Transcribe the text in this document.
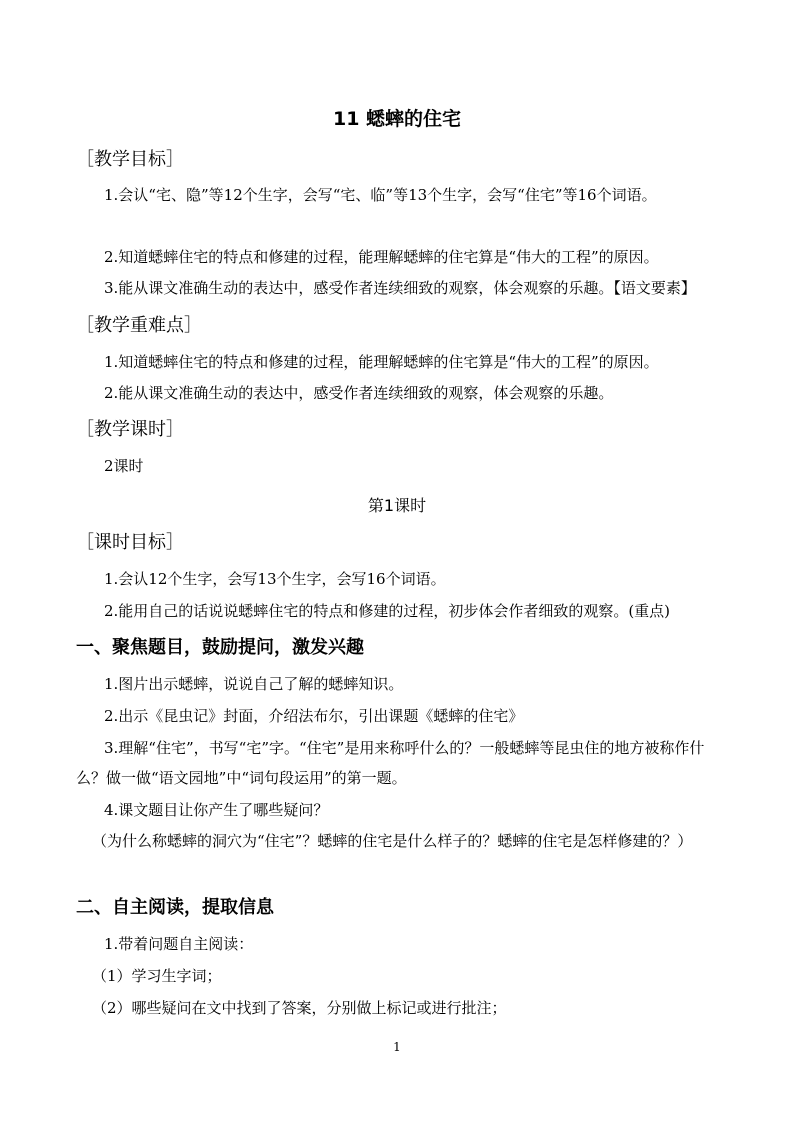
11 蟋蟀的住宅
［教学目标］
1.会认“宅、隐”等12个生字，会写“宅、临”等13个生字，会写“住宅”等16个词语。
2.知道蟋蟀住宅的特点和修建的过程，能理解蟋蟀的住宅算是“伟大的工程”的原因。
3.能从课文准确生动的表达中，感受作者连续细致的观察，体会观察的乐趣。【语文要素】
［教学重难点］
1.知道蟋蟀住宅的特点和修建的过程，能理解蟋蟀的住宅算是“伟大的工程”的原因。
2.能从课文准确生动的表达中，感受作者连续细致的观察，体会观察的乐趣。
［教学课时］
2课时
第1课时
［课时目标］
1.会认12个生字，会写13个生字，会写16个词语。
2.能用自己的话说说蟋蟀住宅的特点和修建的过程，初步体会作者细致的观察。(重点)
一、聚焦题目，鼓励提问，激发兴趣
1.图片出示蟋蟀，说说自己了解的蟋蟀知识。
2.出示《昆虫记》封面，介绍法布尔，引出课题《蟋蟀的住宅》
3.理解“住宅”，书写“宅”字。“住宅”是用来称呼什么的？一般蟋蟀等昆虫住的地方被称作什么？做一做“语文园地”中“词句段运用”的第一题。
4.课文题目让你产生了哪些疑问？
（为什么称蟋蟀的洞穴为“住宅”？蟋蟀的住宅是什么样子的？蟋蟀的住宅是怎样修建的？）
二、自主阅读，提取信息
1.带着问题自主阅读：
（1）学习生字词；
（2）哪些疑问在文中找到了答案，分别做上标记或进行批注；
1
